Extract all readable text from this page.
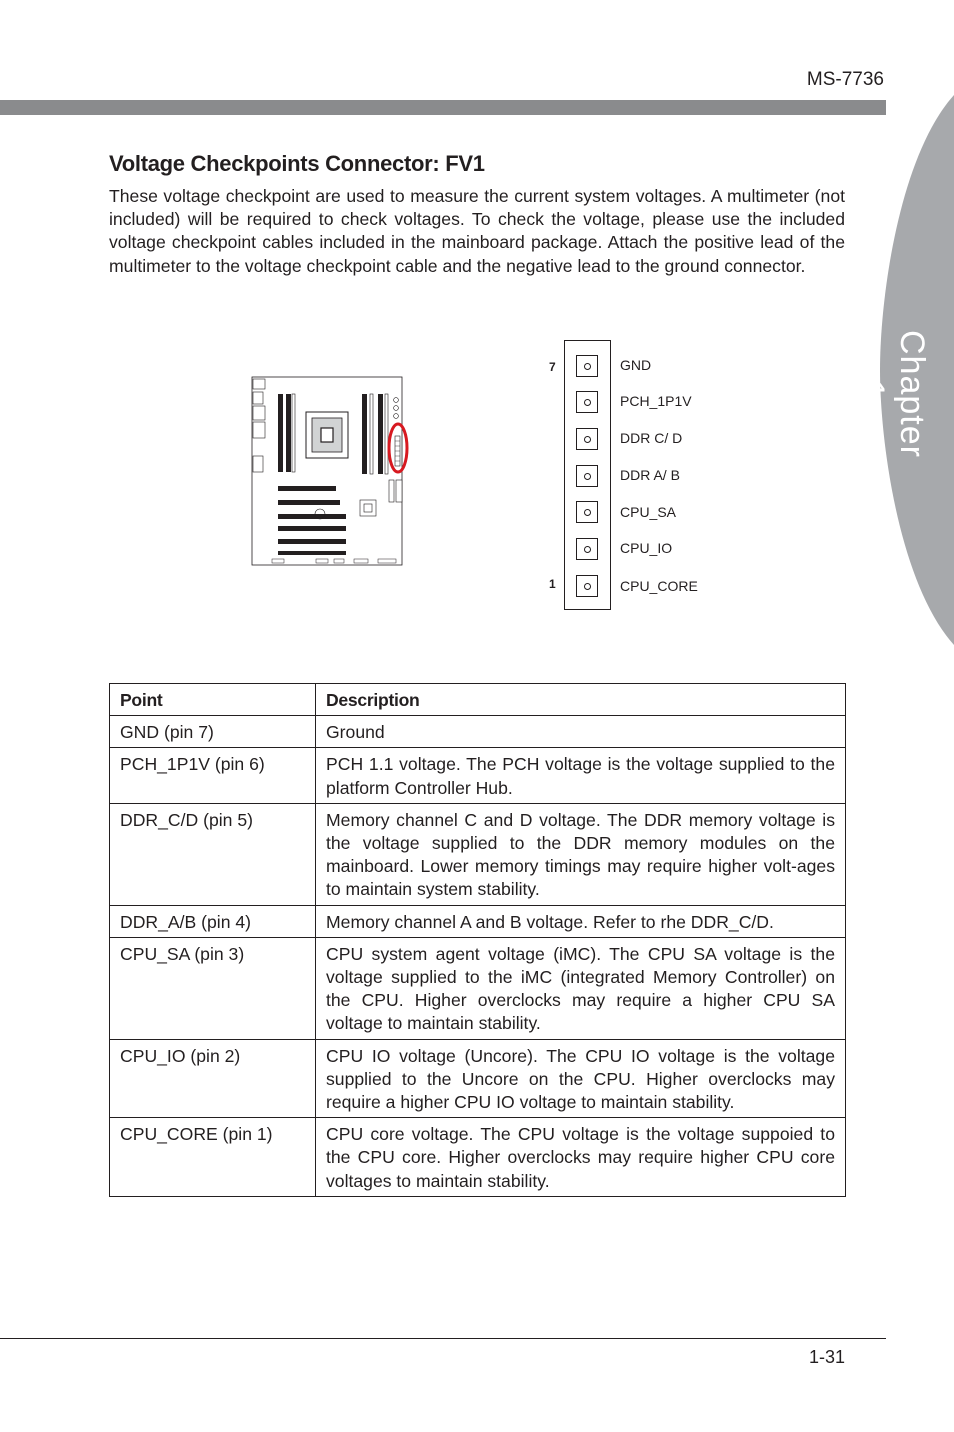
MS-7736
Chapter 1
Voltage Checkpoints Connector: FV1

These voltage checkpoint are used to measure the current system voltages. A multimeter (not included) will be required to check voltages. To check the voltage, please use the included voltage checkpoint cables included in the mainboard package. Attach the positive lead of the multimeter to the voltage checkpoint cable and the negative lead to the ground connector.

7
1
GND
PCH_1P1V
DDR C/ D
DDR A/ B
CPU_SA
CPU_IO
CPU_CORE
Point	Description
GND (pin 7)	Ground
PCH_1P1V (pin 6)	PCH 1.1 voltage. The PCH voltage is the voltage supplied to the platform Controller Hub.
DDR_C/D (pin 5)	Memory channel C and D voltage. The DDR memory voltage is the voltage supplied to the DDR memory modules on the mainboard. Lower memory timings may require higher volt-ages to maintain system stability.
DDR_A/B (pin 4)	Memory channel A and B voltage. Refer to rhe DDR_C/D.
CPU_SA (pin 3)	CPU system agent voltage (iMC). The CPU SA voltage is the voltage supplied to the iMC (integrated Memory Controller) on the CPU. Higher overclocks may require a higher CPU SA voltage to maintain stability.
CPU_IO (pin 2)	CPU IO voltage (Uncore). The CPU IO voltage is the voltage supplied to the Uncore on the CPU. Higher overclocks may require a higher CPU IO voltage to maintain stability.
CPU_CORE (pin 1)	CPU core voltage. The CPU voltage is the voltage suppoied to the CPU core. Higher overclocks may require higher CPU core voltages to maintain stability.
1-31
